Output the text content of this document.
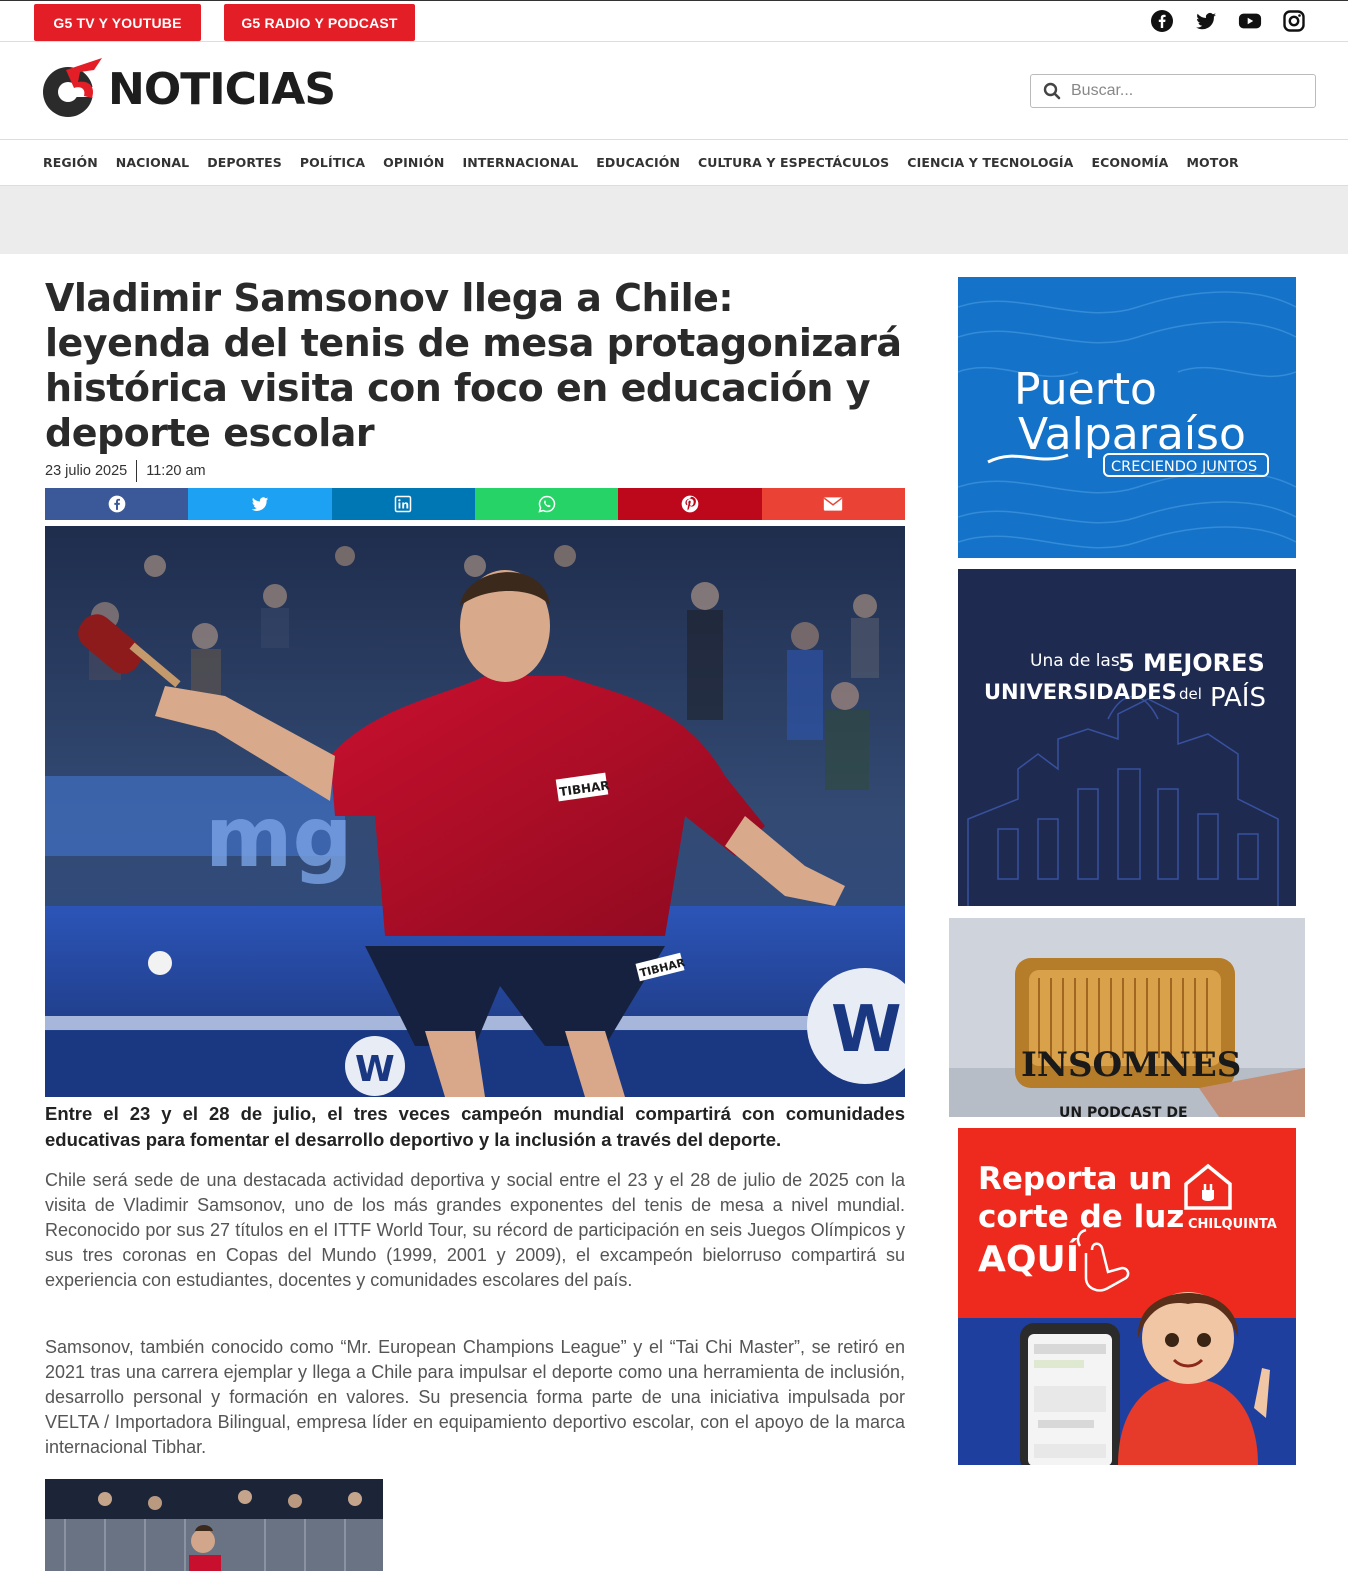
G5 TV Y YOUTUBE	G5 RADIO Y PODCAST
NOTICIAS
Buscar...
REGIÓN NACIONAL DEPORTES POLÍTICA OPINIÓN INTERNACIONAL EDUCACIÓN CULTURA Y ESPECTÁCULOS CIENCIA Y TECNOLOGÍA ECONOMÍA MOTOR
Vladimir Samsonov llega a Chile: leyenda del tenis de mesa protagonizará histórica visita con foco en educación y deporte escolar
23 julio 2025 11:20 am
mg
W
W
TIBHAR
TIBHAR

Entre el 23 y el 28 de julio, el tres veces campeón mundial compartirá con comunidades educativas para fomentar el desarrollo deportivo y la inclusión a través del deporte.

Chile será sede de una destacada actividad deportiva y social entre el 23 y el 28 de julio de 2025 con la visita de Vladimir Samsonov, uno de los más grandes exponentes del tenis de mesa a nivel mundial. Reconocido por sus 27 títulos en el ITTF World Tour, su récord de participación en seis Juegos Olímpicos y sus tres coronas en Copas del Mundo (1999, 2001 y 2009), el excampeón bielorruso compartirá su experiencia con estudiantes, docentes y comunidades escolares del país.

Samsonov, también conocido como “Mr. European Champions League” y el “Tai Chi Master”, se retiró en 2021 tras una carrera ejemplar y llega a Chile para impulsar el deporte como una herramienta de inclusión, desarrollo personal y formación en valores. Su presencia forma parte de una iniciativa impulsada por VELTA / Importadora Bilingual, empresa líder en equipamiento deportivo escolar, con el apoyo de la marca internacional Tibhar.

Puerto
Valparaíso
CRECIENDO JUNTOS
Una de las
5 MEJORES
UNIVERSIDADES del PAÍS
INSOMNES
UN PODCAST DE
Reporta un
corte de luz
AQUÍ
CHILQUINTA
